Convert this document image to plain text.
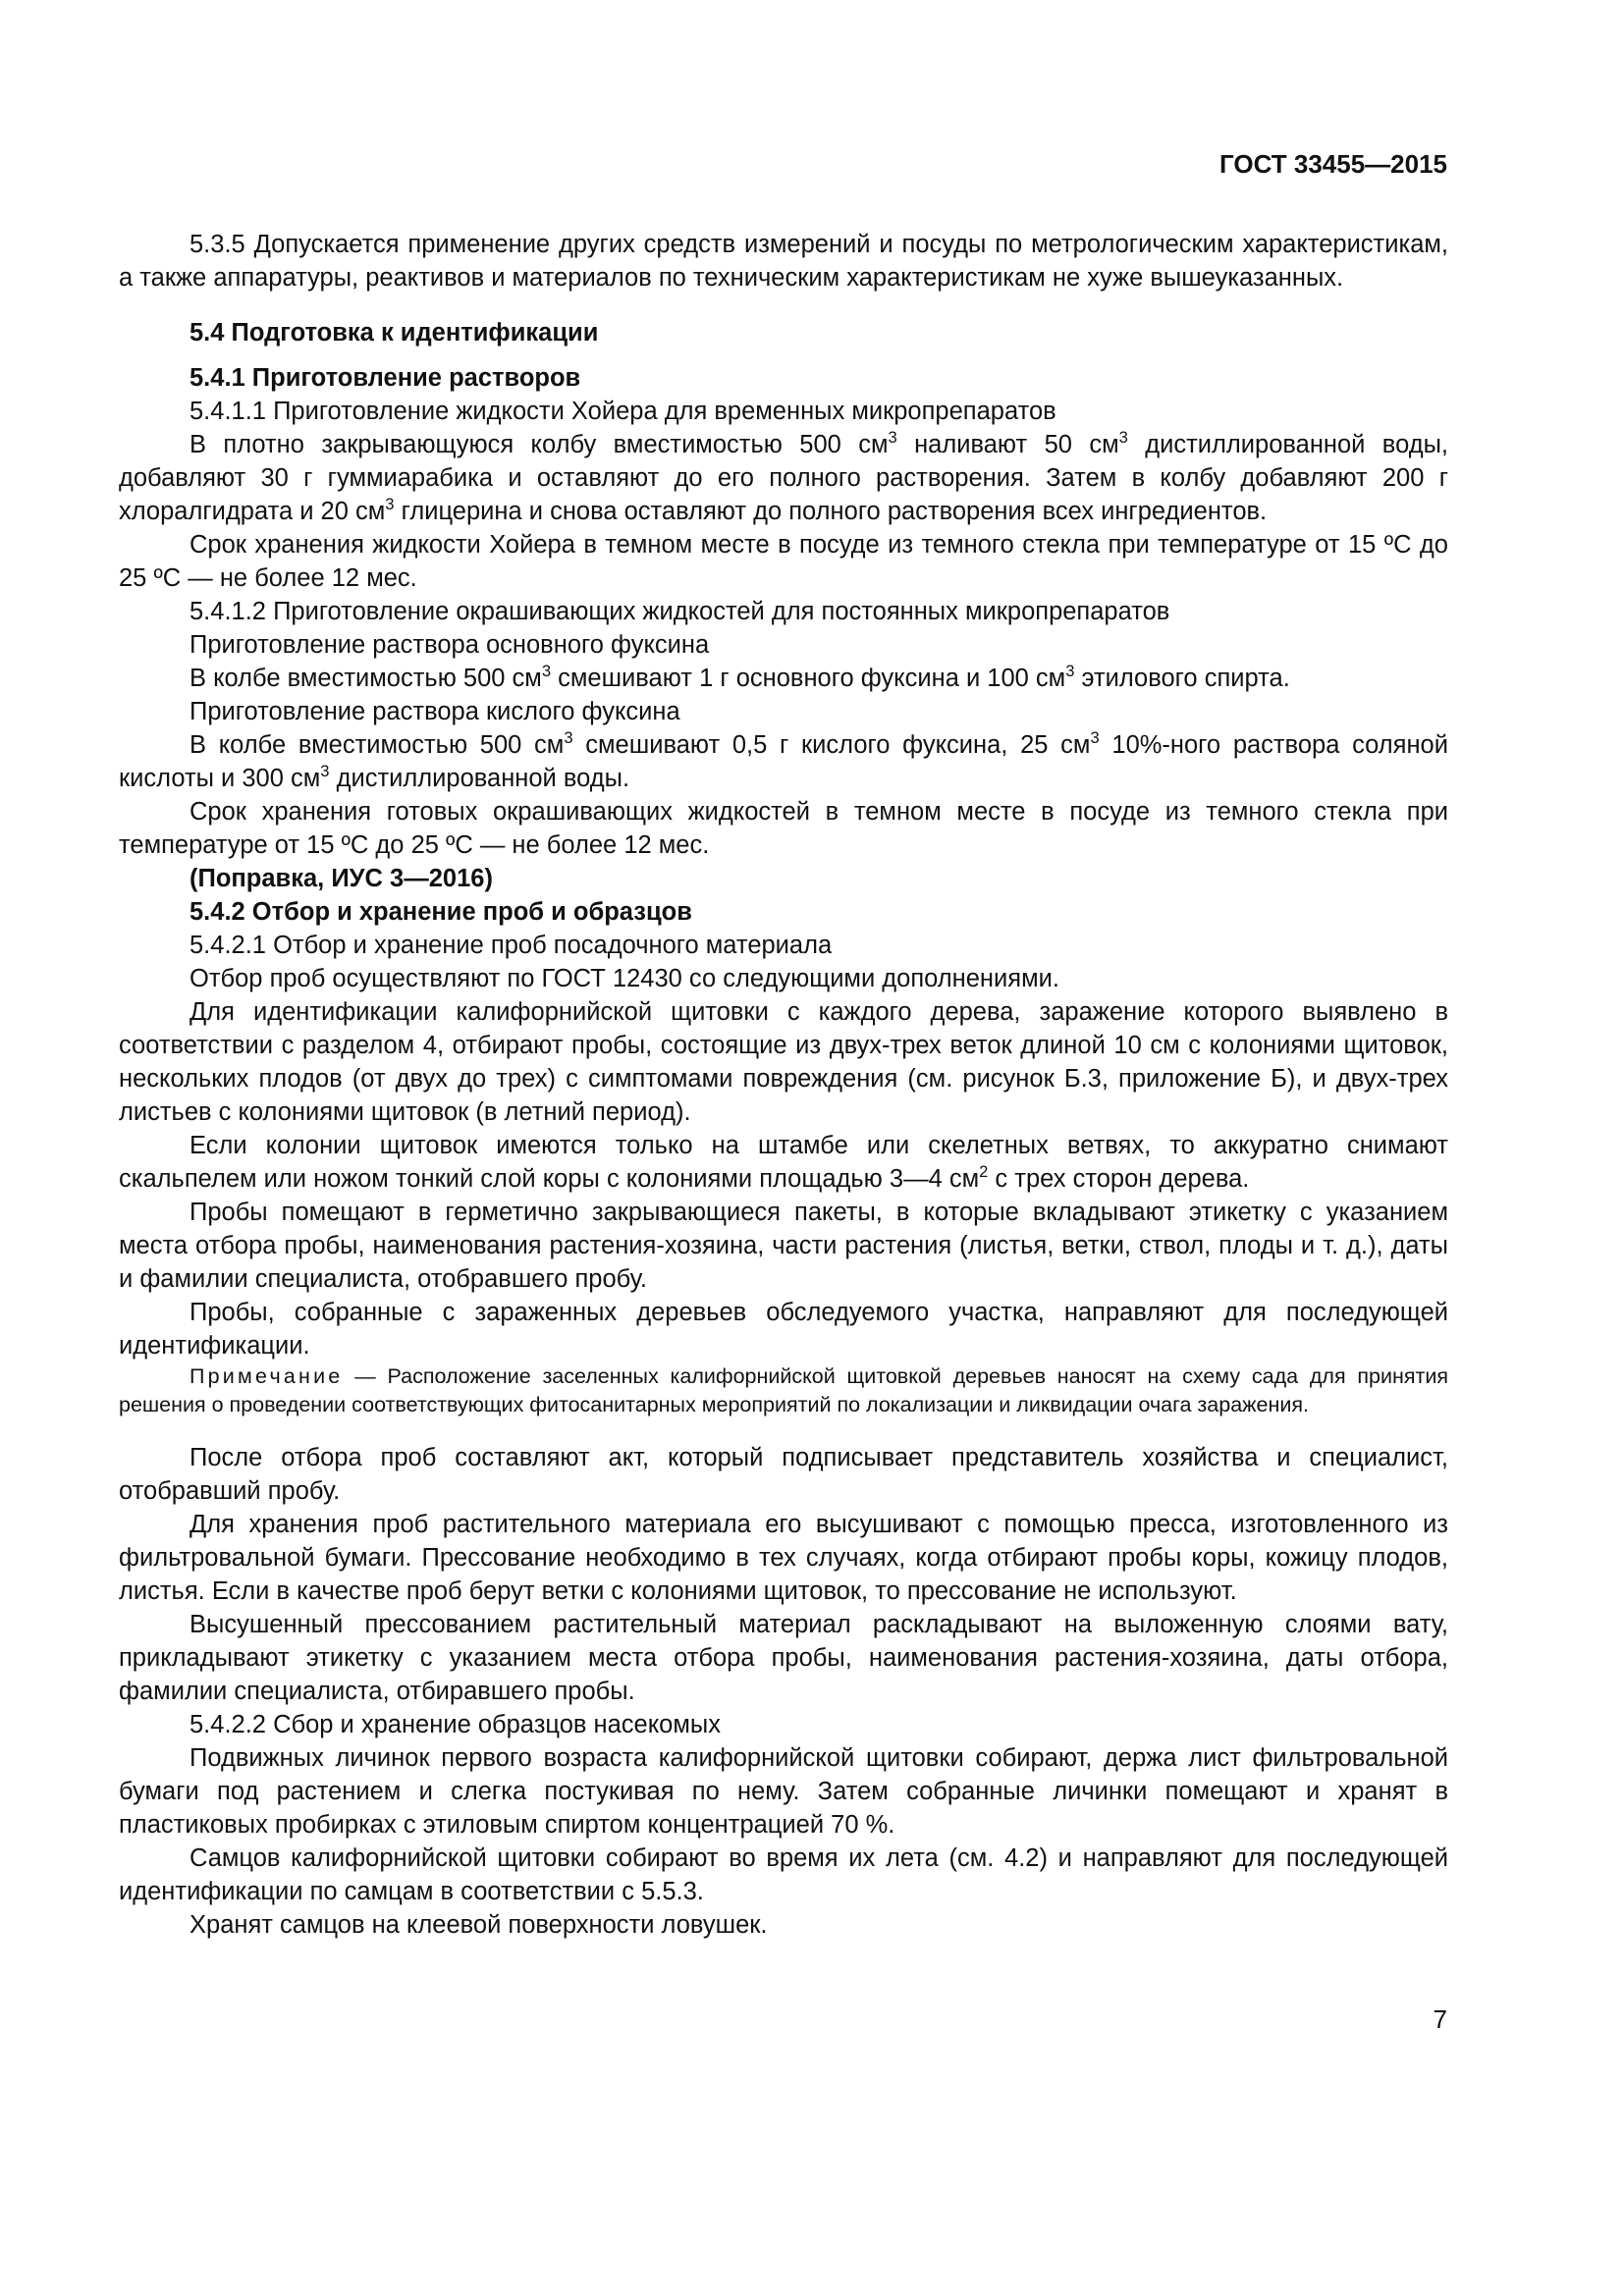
ГОСТ 33455—2015

5.3.5 Допускается применение других средств измерений и посуды по метрологическим характеристикам, а также аппаратуры, реактивов и материалов по техническим характеристикам не хуже вышеуказанных.

5.4 Подготовка к идентификации

5.4.1 Приготовление растворов

5.4.1.1 Приготовление жидкости Хойера для временных микропрепаратов

В плотно закрывающуюся колбу вместимостью 500 $см^3$ наливают 50 $см^3$ дистиллированной воды, добавляют 30 г гуммиарабика и оставляют до его полного растворения. Затем в колбу добавляют 200 г хлоралгидрата и 20 $см^3$ глицерина и снова оставляют до полного растворения всех ингредиентов.

Срок хранения жидкости Хойера в темном месте в посуде из темного стекла при температуре от 15 ºС до 25 ºС — не более 12 мес.

5.4.1.2 Приготовление окрашивающих жидкостей для постоянных микропрепаратов

Приготовление раствора основного фуксина

В колбе вместимостью 500 $см^3$ смешивают 1 г основного фуксина и 100 $см^3$ этилового спирта.

Приготовление раствора кислого фуксина

В колбе вместимостью 500 $см^3$ смешивают 0,5 г кислого фуксина, 25 $см^3$ 10%-ного раствора соляной кислоты и 300 $см^3$ дистиллированной воды.

Срок хранения готовых окрашивающих жидкостей в темном месте в посуде из темного стекла при температуре от 15 ºС до 25 ºС — не более 12 мес.

(Поправка, ИУС 3—2016)

5.4.2 Отбор и хранение проб и образцов

5.4.2.1 Отбор и хранение проб посадочного материала

Отбор проб осуществляют по ГОСТ 12430 со следующими дополнениями.

Для идентификации калифорнийской щитовки с каждого дерева, заражение которого выявлено в соответствии с разделом 4, отбирают пробы, состоящие из двух-трех веток длиной 10 см с колониями щитовок, нескольких плодов (от двух до трех) с симптомами повреждения (см. рисунок Б.3, приложение Б), и двух-трех листьев с колониями щитовок (в летний период).

Если колонии щитовок имеются только на штамбе или скелетных ветвях, то аккуратно снимают скальпелем или ножом тонкий слой коры с колониями площадью 3—4 $см^2$ с трех сторон дерева.

Пробы помещают в герметично закрывающиеся пакеты, в которые вкладывают этикетку с указанием места отбора пробы, наименования растения-хозяина, части растения (листья, ветки, ствол, плоды и т. д.), даты и фамилии специалиста, отобравшего пробу.

Пробы, собранные с зараженных деревьев обследуемого участка, направляют для последующей идентификации.

Примечание — Расположение заселенных калифорнийской щитовкой деревьев наносят на схему сада для принятия решения о проведении соответствующих фитосанитарных мероприятий по локализации и ликвидации очага заражения.

После отбора проб составляют акт, который подписывает представитель хозяйства и специалист, отобравший пробу.

Для хранения проб растительного материала его высушивают с помощью пресса, изготовленного из фильтровальной бумаги. Прессование необходимо в тех случаях, когда отбирают пробы коры, кожицу плодов, листья. Если в качестве проб берут ветки с колониями щитовок, то прессование не используют.

Высушенный прессованием растительный материал раскладывают на выложенную слоями вату, прикладывают этикетку с указанием места отбора пробы, наименования растения-хозяина, даты отбора, фамилии специалиста, отбиравшего пробы.

5.4.2.2 Сбор и хранение образцов насекомых

Подвижных личинок первого возраста калифорнийской щитовки собирают, держа лист фильтровальной бумаги под растением и слегка постукивая по нему. Затем собранные личинки помещают и хранят в пластиковых пробирках с этиловым спиртом концентрацией 70 %.

Самцов калифорнийской щитовки собирают во время их лета (см. 4.2) и направляют для последующей идентификации по самцам в соответствии с 5.5.3.

Хранят самцов на клеевой поверхности ловушек.

7
